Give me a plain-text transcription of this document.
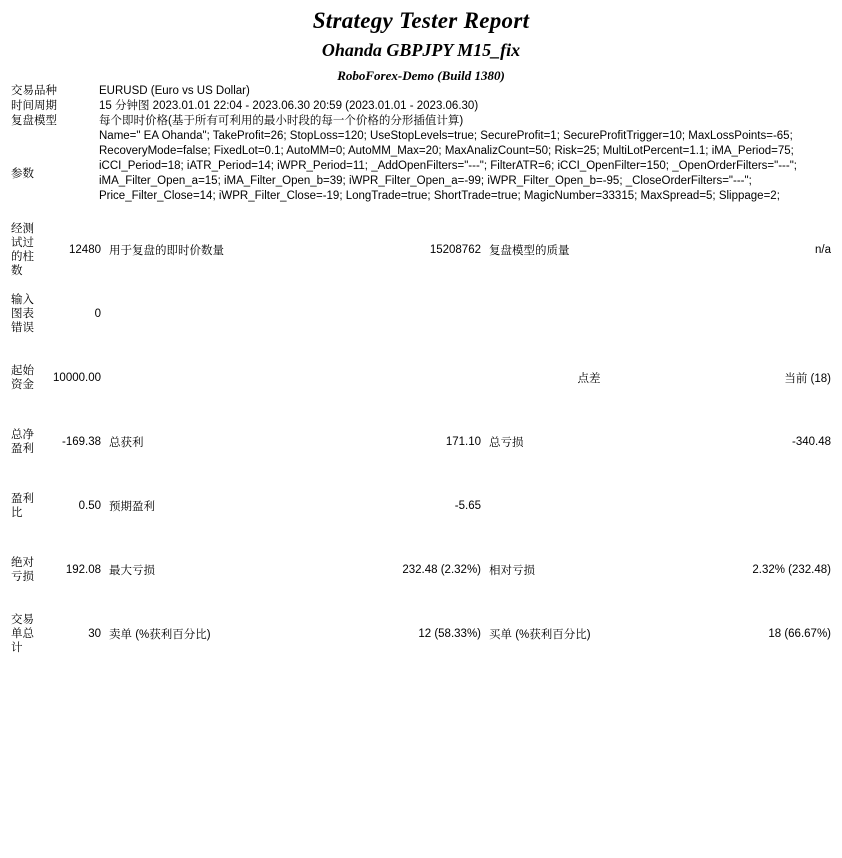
Strategy Tester Report
Ohanda GBPJPY M15_fix
RoboForex-Demo (Build 1380)
交易品种	EURUSD (Euro vs US Dollar)
时间周期	15 分钟图 2023.01.01 22:04 - 2023.06.30 20:59 (2023.01.01 - 2023.06.30)
复盘模型	每个即时价格(基于所有可利用的最小时段的每一个价格的分形插值计算)
参数	Name=" EA Ohanda"; TakeProfit=26; StopLoss=120; UseStopLevels=true; SecureProfit=1; SecureProfitTrigger=10; MaxLossPoints=-65; RecoveryMode=false; FixedLot=0.1; AutoMM=0; AutoMM_Max=20; MaxAnalizCount=50; Risk=25; MultiLotPercent=1.1; iMA_Period=75; iCCI_Period=18; iATR_Period=14; iWPR_Period=11; _AddOpenFilters="---"; FilterATR=6; iCCI_OpenFilter=150; _OpenOrderFilters="---"; iMA_Filter_Open_a=15; iMA_Filter_Open_b=39; iWPR_Filter_Open_a=-99; iWPR_Filter_Open_b=-95; _CloseOrderFilters="---"; Price_Filter_Close=14; iWPR_Filter_Close=-19; LongTrade=true; ShortTrade=true; MagicNumber=33315; MaxSpread=5; Slippage=2;
经测试过的柱数	12480	用于复盘的即时价数量	15208762	复盘模型的质量	n/a
输入图表错误	0				
起始资金	10000.00			点差	当前 (18)
总净盈利	-169.38	总获利	171.10	总亏损	-340.48
盈利比	0.50	预期盈利	-5.65		
绝对亏损	192.08	最大亏损	232.48 (2.32%)	相对亏损	2.32% (232.48)
交易单总计	30	卖单 (%获利百分比)	12 (58.33%)	买单 (%获利百分比)	18 (66.67%)
